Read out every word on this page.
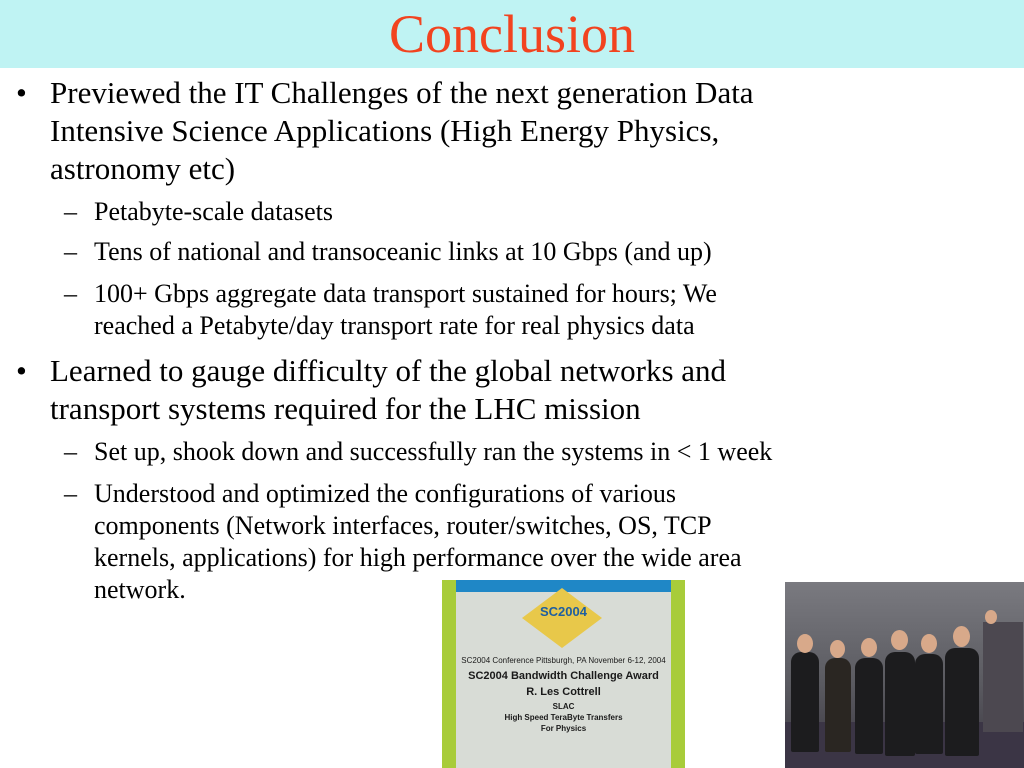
Conclusion
• Previewed the IT Challenges of the next generation Data
Intensive Science Applications (High Energy Physics,
astronomy etc)
– Petabyte-scale datasets
– Tens of national and transoceanic links at 10 Gbps (and up)
– 100+ Gbps aggregate data transport sustained for hours; We
reached a Petabyte/day transport rate for real physics data
• Learned to gauge difficulty of the global networks and
transport systems required for the LHC mission
– Set up, shook down and successfully ran the systems in < 1 week
– Understood and optimized the configurations of various
components (Network interfaces, router/switches, OS, TCP
kernels, applications) for high performance over the wide area
network.
SC2004
SC2004 Conference Pittsburgh, PA November 6-12, 2004
SC2004 Bandwidth Challenge Award
R. Les Cottrell
SLAC
High Speed TeraByte Transfers
For Physics
